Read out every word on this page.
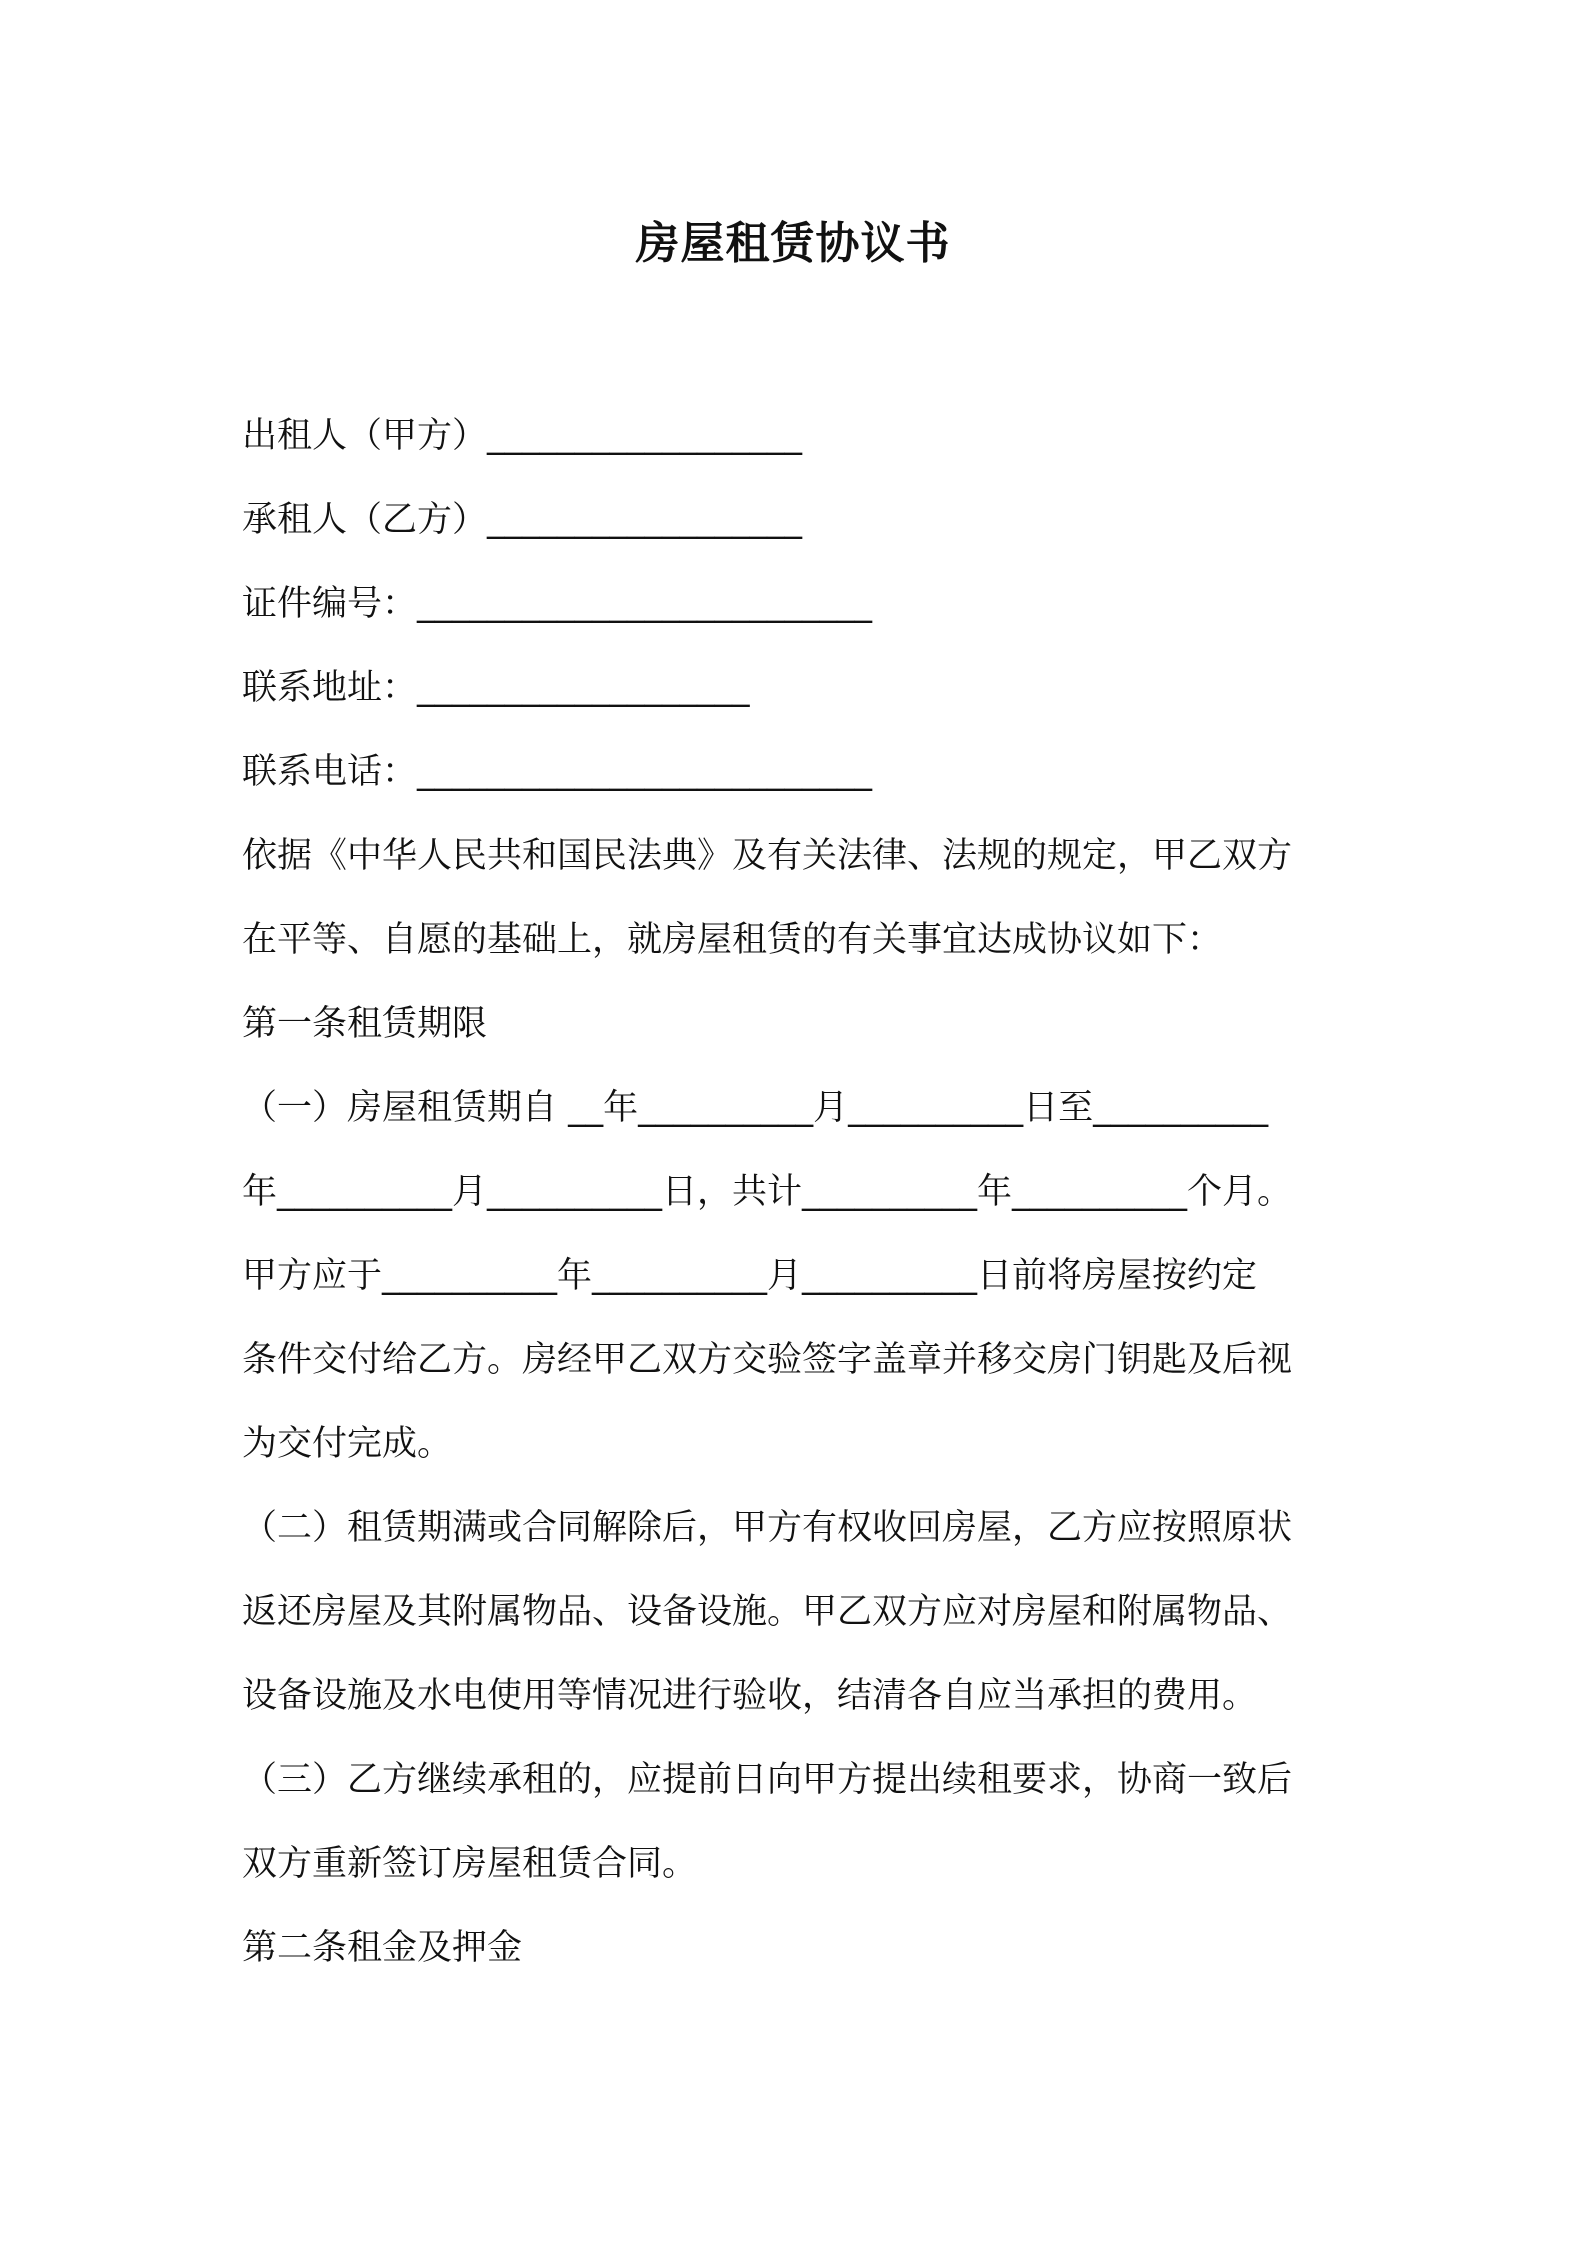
房屋租赁协议书
出租人（甲方）__________________
承租人（乙方）__________________
证件编号：__________________________
联系地址：___________________
联系电话：__________________________
依据《中华人民共和国民法典》及有关法律、法规的规定，甲乙双方
在平等、自愿的基础上，就房屋租赁的有关事宜达成协议如下：
第一条租赁期限
（一）房屋租赁期自 __年__________月__________日至__________
年__________月__________日，共计__________年__________个月。
甲方应于__________年__________月__________日前将房屋按约定
条件交付给乙方。房经甲乙双方交验签字盖章并移交房门钥匙及后视
为交付完成。
（二）租赁期满或合同解除后，甲方有权收回房屋，乙方应按照原状
返还房屋及其附属物品、设备设施。甲乙双方应对房屋和附属物品、
设备设施及水电使用等情况进行验收，结清各自应当承担的费用。
（三）乙方继续承租的，应提前日向甲方提出续租要求，协商一致后
双方重新签订房屋租赁合同。
第二条租金及押金
